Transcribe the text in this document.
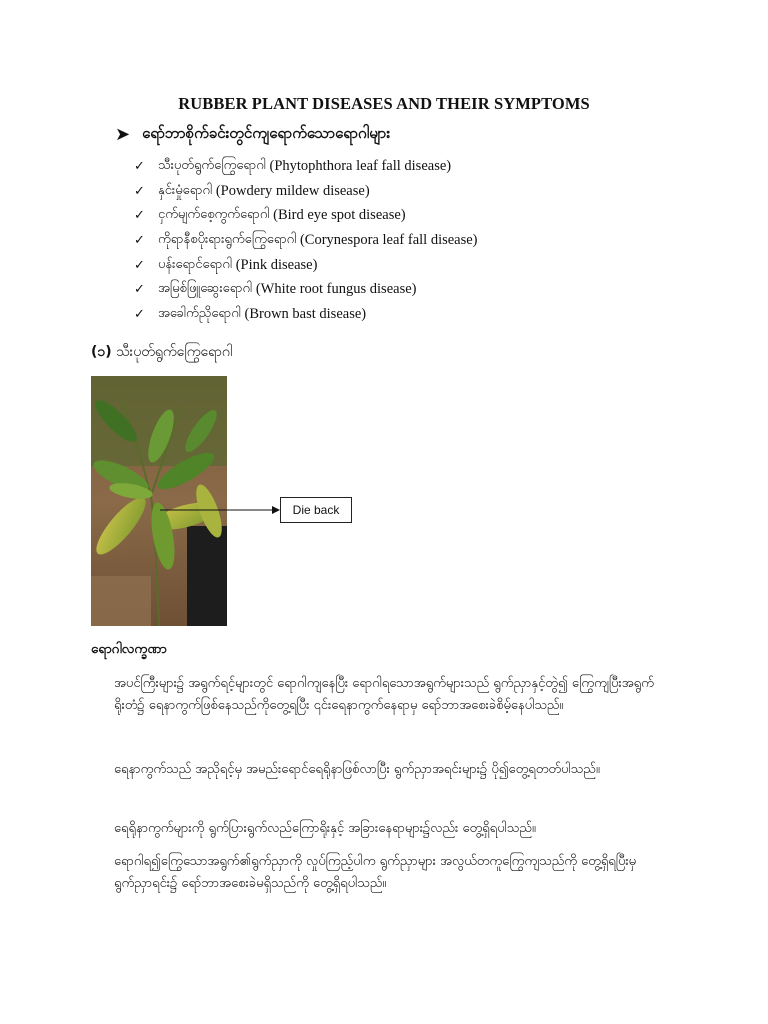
RUBBER PLANT DISEASES AND THEIR SYMPTOMS
➤ ရော်ဘာစိုက်ခင်းတွင်ကျရောက်သောရောဂါများ
✓	သီးပုတ်ရွက်ကြွေရောဂါ
(Phytophthora leaf fall disease)
✓	နှင်းမှုံရောဂါ
(Powdery mildew disease)
✓	ငှက်မျက်စေ့ကွက်ရောဂါ
(Bird eye spot disease)
✓	ကိုရာနီစပိုးရားရွက်ကြွေရောဂါ
(Corynespora leaf fall disease)
✓	ပန်းရောင်ရောဂါ
(Pink disease)
✓	အမြစ်ဖြူဆွေးရောဂါ
(White root fungus disease)
✓	အခေါက်ညိုရောဂါ
(Brown bast disease)
(၁) သီးပုတ်ရွက်ကြွေရောဂါ
Die back
ရောဂါလက္ခဏာ

အပင်ကြီးများ၌ အရွက်ရင့်များတွင် ရောဂါကျနေပြီး ရောဂါရသောအရွက်များသည် ရွက်ညှာနှင့်တွဲ၍ ကြွေကျပြီးအရွက်ရိုးတံ၌ ရေနာကွက်ဖြစ်နေသည်ကိုတွေ့ရပြီး ၎င်းရေနာကွက်နေရာမှ ရော်ဘာအစေးခဲစိမ့်နေပါသည်။

ရေနာကွက်သည် အညိုရင့်မှ အမည်းရောင်ရေရိုနာဖြစ်လာပြီး ရွက်ညှာအရင်းများ၌ ပို၍တွေ့ရတတ်ပါသည်။

ရေရိုနာကွက်များကို ရွက်ပြားရွက်လည်ကြောရိုးနှင့် အခြားနေရာများ၌လည်း တွေ့ရှိရပါသည်။

ရောဂါရ၍ကြွေသောအရွက်၏ရွက်ညှာကို လှုပ်ကြည့်ပါက ရွက်ညှာများ အလွယ်တကူကြွေကျသည်ကို တွေ့ရှိရပြီးမှ ရွက်ညှာရင်း၌ ရော်ဘာအစေးခဲမရှိသည်ကို တွေ့ရှိရပါသည်။
